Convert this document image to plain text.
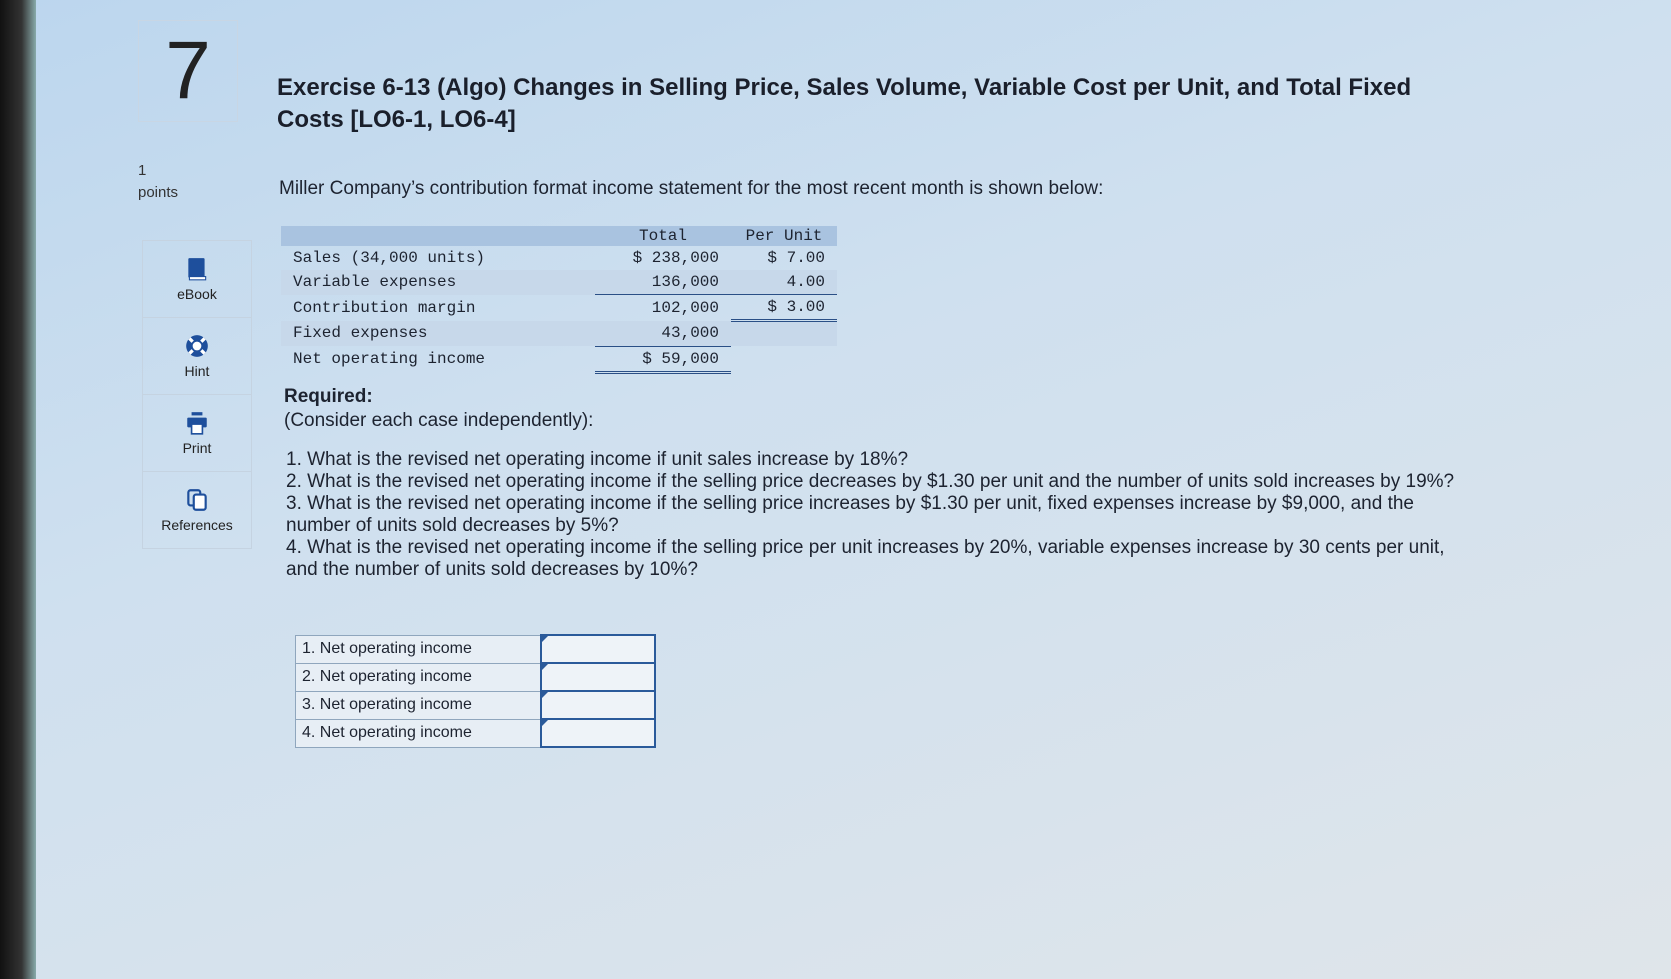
7
1
points
eBook
Hint
Print
References
Exercise 6-13 (Algo) Changes in Selling Price, Sales Volume, Variable Cost per Unit, and Total Fixed Costs [LO6-1, LO6-4]
Miller Company’s contribution format income statement for the most recent month is shown below:
	Total	Per Unit
Sales (34,000 units)	$ 238,000	$ 7.00
Variable expenses	136,000	4.00
Contribution margin	102,000	$ 3.00
Fixed expenses	43,000	
Net operating income	$ 59,000	
Required:
(Consider each case independently):

1. What is the revised net operating income if unit sales increase by 18%?

2. What is the revised net operating income if the selling price decreases by $1.30 per unit and the number of units sold increases by 19%?

3. What is the revised net operating income if the selling price increases by $1.30 per unit, fixed expenses increase by $9,000, and the number of units sold decreases by 5%?

4. What is the revised net operating income if the selling price per unit increases by 20%, variable expenses increase by 30 cents per unit, and the number of units sold decreases by 10%?

1. Net operating income	
2. Net operating income	
3. Net operating income	
4. Net operating income	
